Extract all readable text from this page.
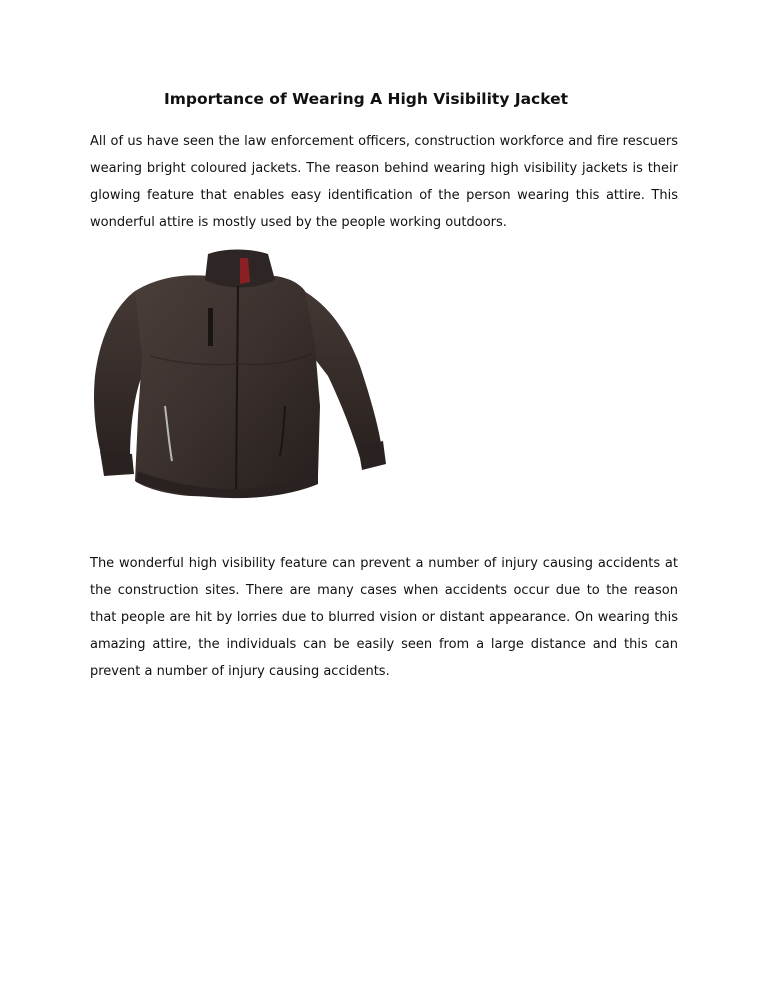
Importance of Wearing A High Visibility Jacket

All of us have seen the law enforcement officers, construction workforce and fire rescuers wearing bright coloured jackets. The reason behind wearing high visibility jackets is their glowing feature that enables easy identification of the person wearing this attire. This wonderful attire is mostly used by the people working outdoors.

The wonderful high visibility feature can prevent a number of injury causing accidents at the construction sites. There are many cases when accidents occur due to the reason that people are hit by lorries due to blurred vision or distant appearance. On wearing this amazing attire, the individuals can be easily seen from a large distance and this can prevent a number of injury causing accidents.
